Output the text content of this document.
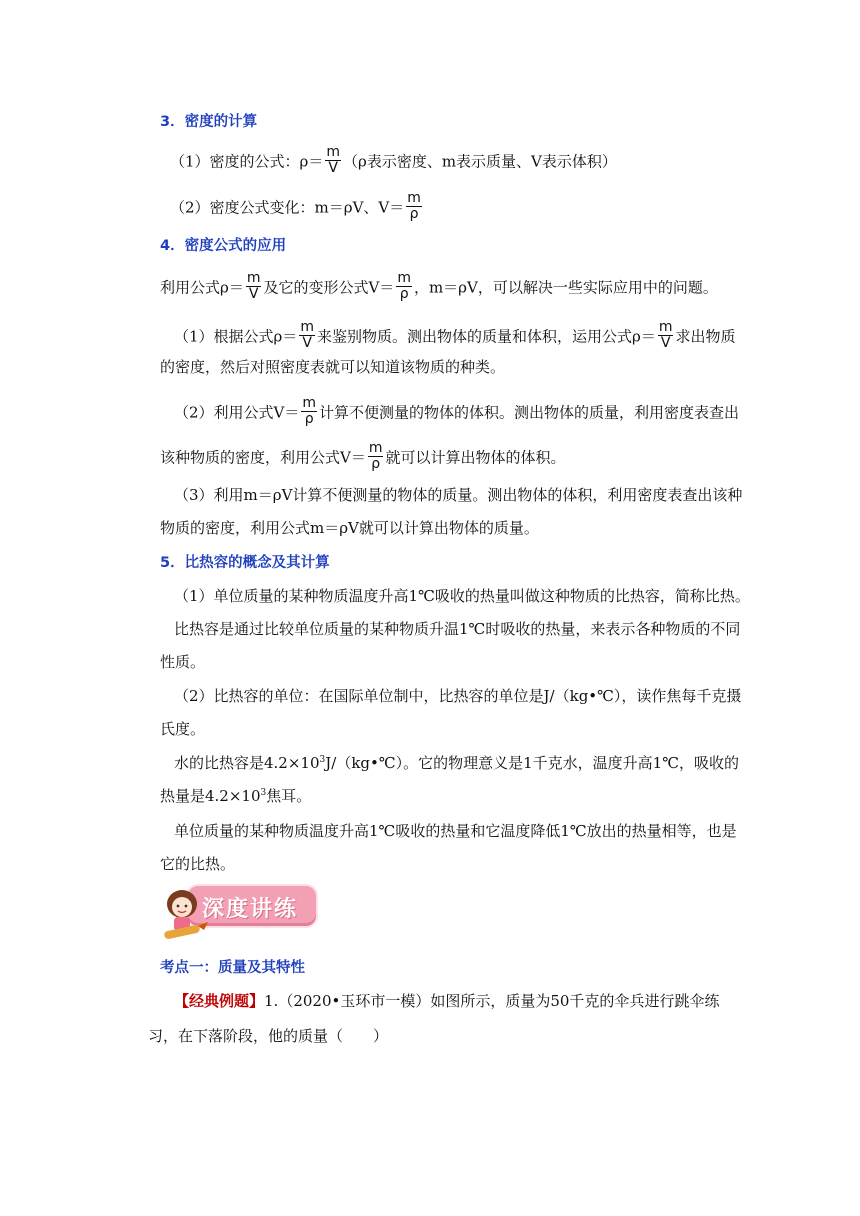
3．密度的计算
（1）密度的公式：$\rho= \frac{m}{V} (\rho$表示密度、m表示质量、V表示体积）
（2）密度公式变化：m＝ρV、$V= \frac{m}{\rho}$
4．密度公式的应用
利用公式$\rho= \frac{m}{V}$ 及它的变形公式$V= \frac{m}{\rho}$ ，m＝ρV，可以解决一些实际应用中的问题。
（1）根据公式$\rho= \frac{m}{V}$ 来鉴别物质。测出物体的质量和体积，运用公式$\rho= \frac{m}{V}$ 求出物质
的密度，然后对照密度表就可以知道该物质的种类。
（2）利用公式$V= \frac{m}{\rho}$ 计算不便测量的物体的体积。测出物体的质量，利用密度表查出
该种物质的密度，利用公式$V= \frac{m}{\rho}$ 就可以计算出物体的体积。
（3）利用m＝ρV计算不便测量的物体的质量。测出物体的体积，利用密度表查出该种
物质的密度，利用公式m＝ρV就可以计算出物体的质量。
5．比热容的概念及其计算
（1）单位质量的某种物质温度升高1℃吸收的热量叫做这种物质的比热容，简称比热。
比热容是通过比较单位质量的某种物质升温1℃时吸收的热量，来表示各种物质的不同
性质。
（2）比热容的单位：在国际单位制中，比热容的单位是J/（kg•℃），读作焦每千克摄
氏度。
水的比热容是$4.2\times 10^3J/(kg•℃)$。它的物理意义是1千克水，温度升高1℃，吸收的
热量是$4.2\times 10^3$焦耳。
单位质量的某种物质温度升高1℃吸收的热量和它温度降低1℃放出的热量相等，也是
它的比热。
深度讲练
考点一：质量及其特性
【经典例题】1.（2020•玉环市一模）如图所示，质量为50千克的伞兵进行跳伞练
习，在下落阶段，他的质量（　　）
